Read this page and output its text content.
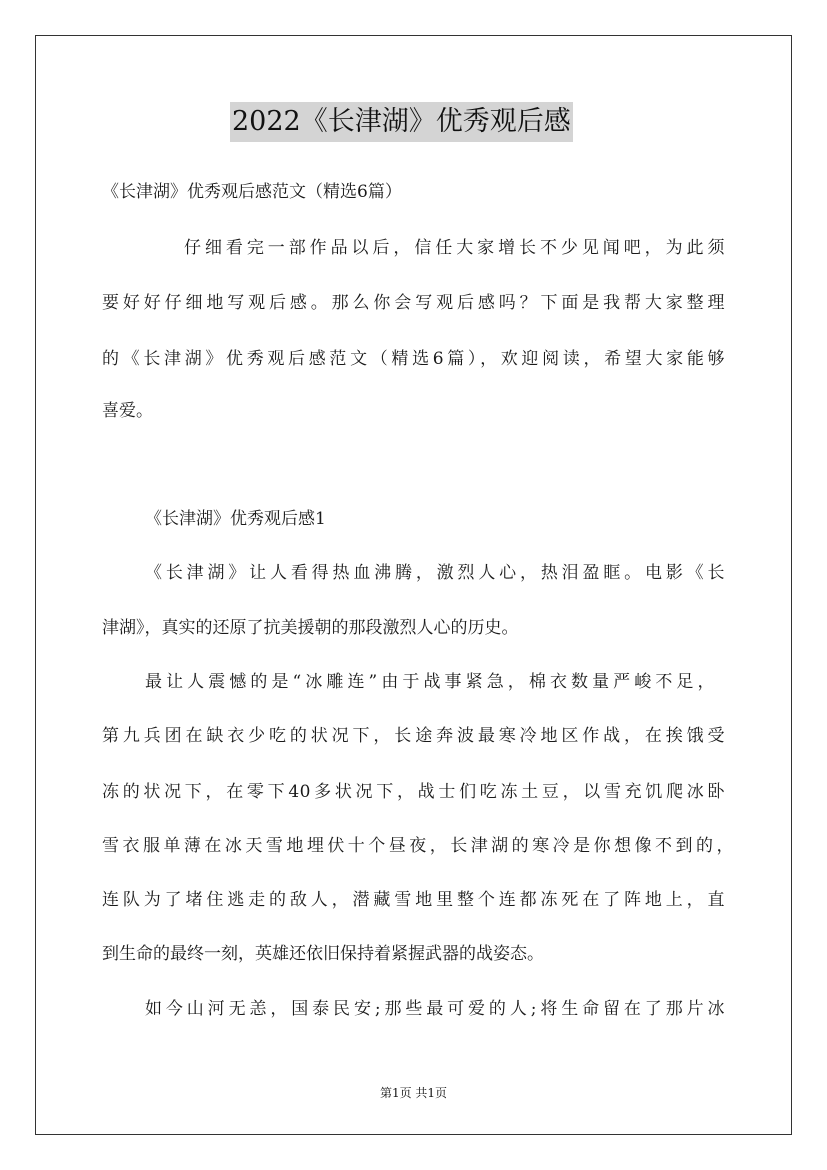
2022《长津湖》优秀观后感
《长津湖》优秀观后感范文（精选6篇）
仔细看完一部作品以后，信任大家增长不少见闻吧，为此须
要好好仔细地写观后感。那么你会写观后感吗？下面是我帮大家整理
的《长津湖》优秀观后感范文（精选6篇），欢迎阅读，希望大家能够
喜爱。
《长津湖》优秀观后感1
《长津湖》让人看得热血沸腾，激烈人心，热泪盈眶。电影《长
津湖》，真实的还原了抗美援朝的那段激烈人心的历史。
最让人震憾的是“冰雕连”由于战事紧急，棉衣数量严峻不足，
第九兵团在缺衣少吃的状况下，长途奔波最寒冷地区作战，在挨饿受
冻的状况下，在零下40多状况下，战士们吃冻土豆，以雪充饥爬冰卧
雪衣服单薄在冰天雪地埋伏十个昼夜，长津湖的寒冷是你想像不到的，
连队为了堵住逃走的敌人，潜藏雪地里整个连都冻死在了阵地上，直
到生命的最终一刻，英雄还依旧保持着紧握武器的战姿态。
如今山河无恙，国泰民安;那些最可爱的人;将生命留在了那片冰
第1页 共1页
